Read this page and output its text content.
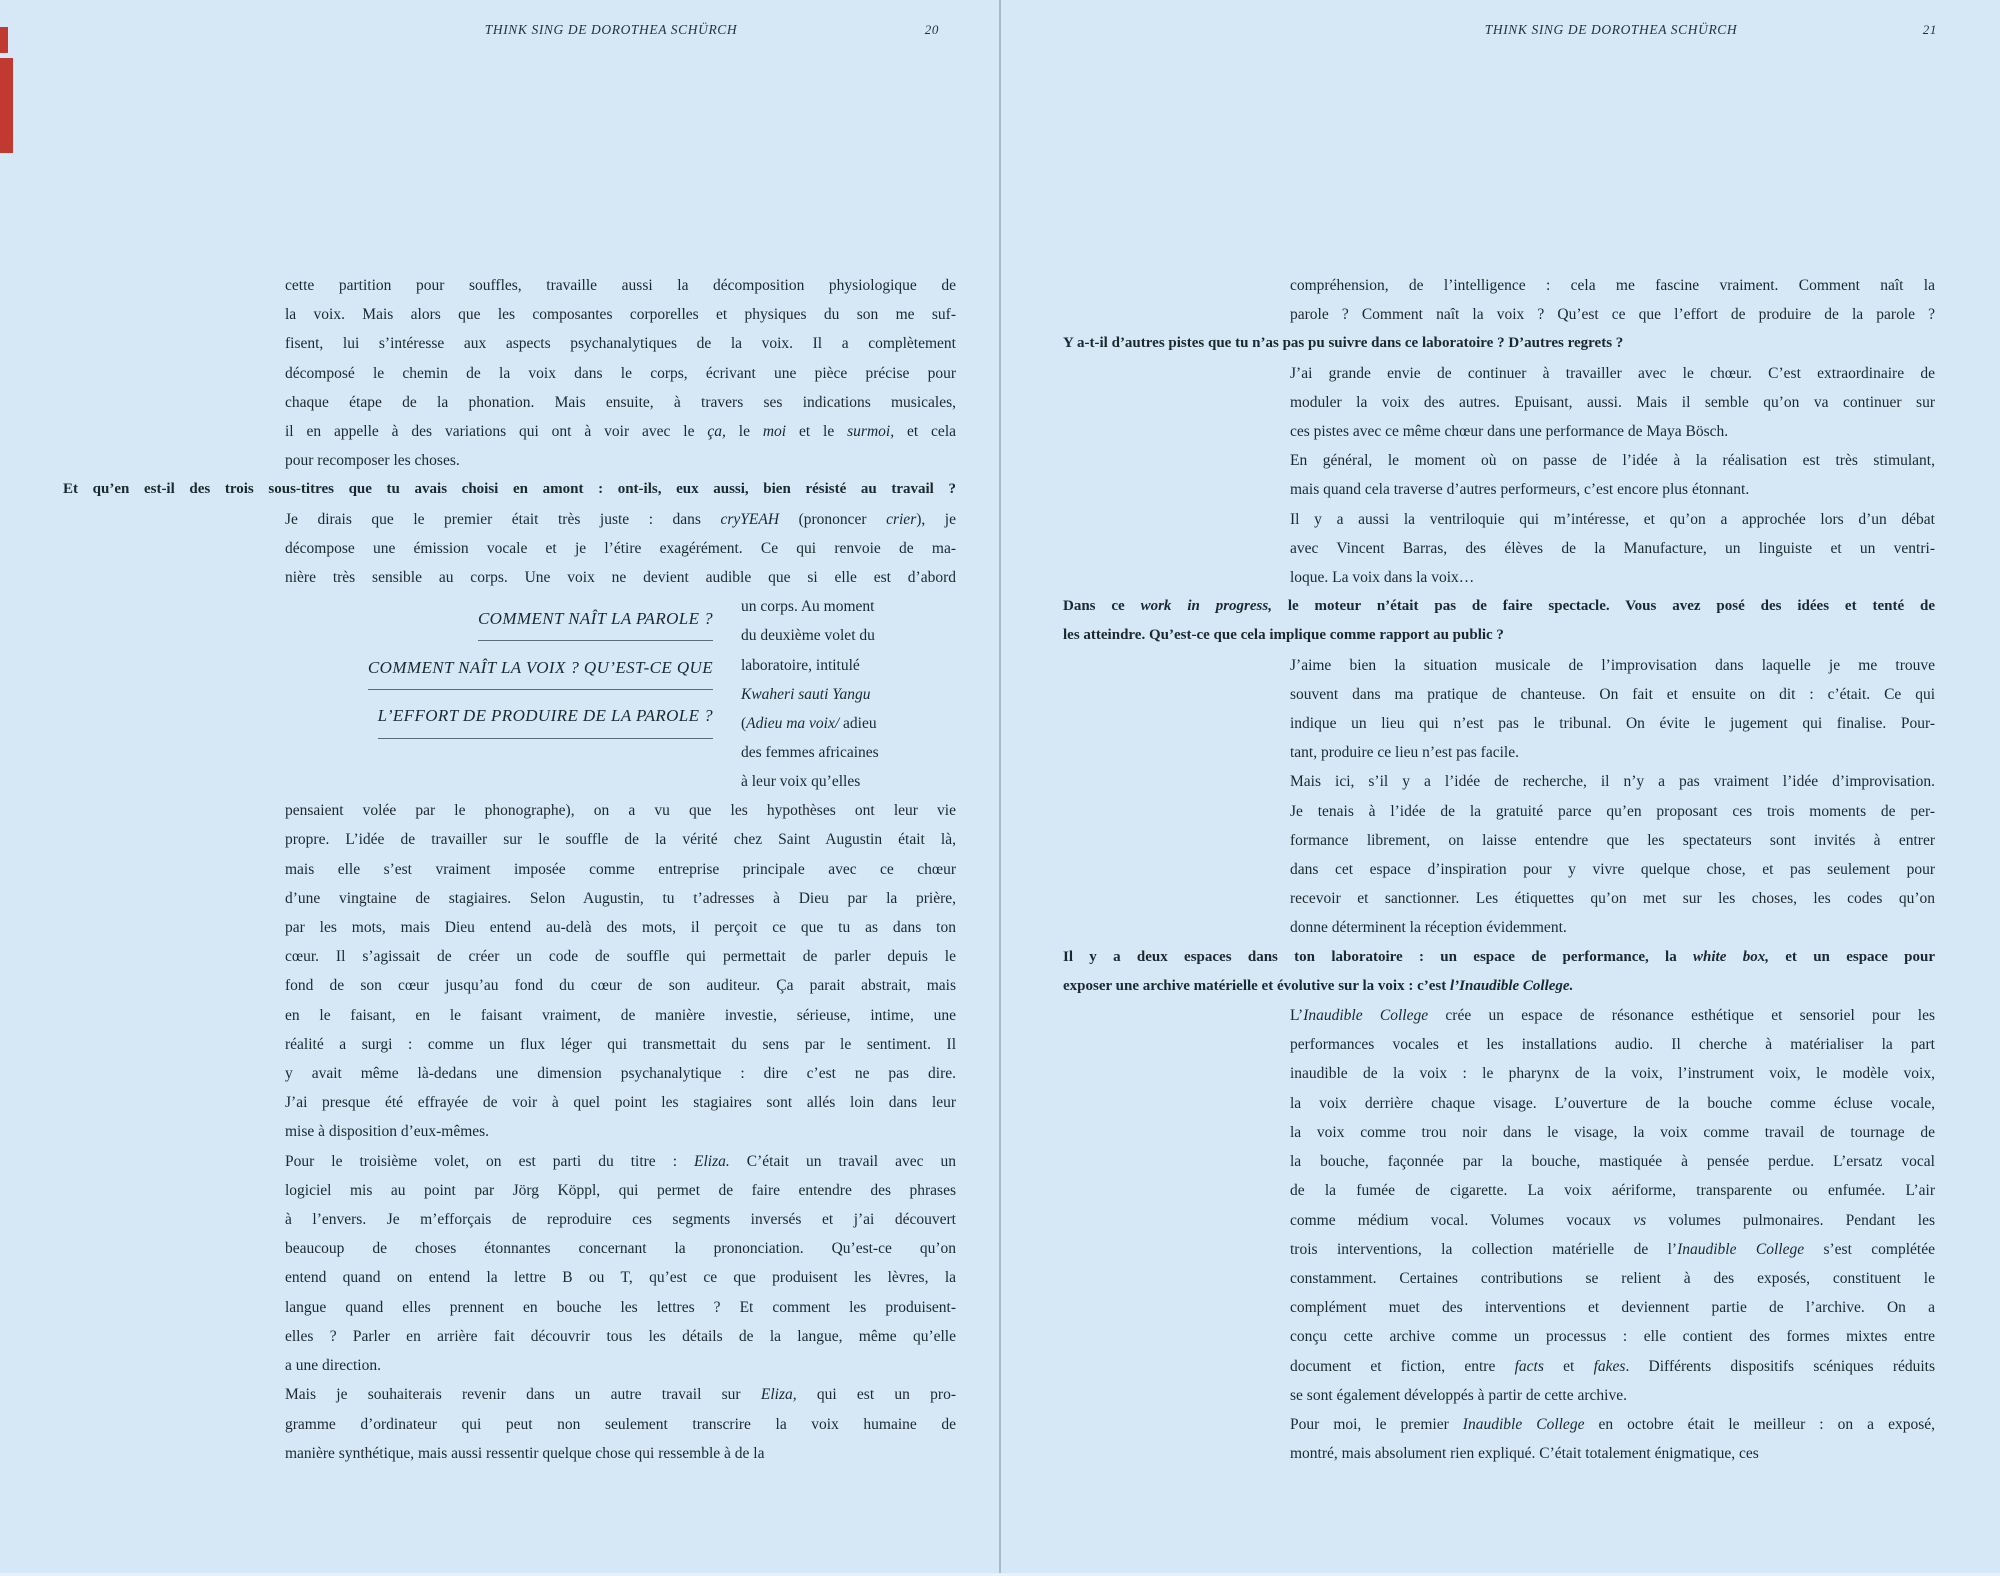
THINK SING DE DOROTHEA SCHÜRCH	20
cette partition pour souffles, travaille aussi la décomposition physiologique de
la voix. Mais alors que les composantes corporelles et physiques du son me suf-
fisent, lui s’intéresse aux aspects psychanalytiques de la voix. Il a complètement
décomposé le chemin de la voix dans le corps, écrivant une pièce précise pour
chaque étape de la phonation. Mais ensuite, à travers ses indications musicales,
il en appelle à des variations qui ont à voir avec le ça, le moi et le surmoi, et cela
pour recomposer les choses.
Et qu’en est-il des trois sous-titres que tu avais choisi en amont : ont-ils, eux aussi, bien résisté au travail ?
Je dirais que le premier était très juste : dans cryYEAH (prononcer crier), je
décompose une émission vocale et je l’étire exagérément. Ce qui renvoie de ma-
nière très sensible au corps. Une voix ne devient audible que si elle est d’abord
COMMENT NAÎT LA PAROLE ?
COMMENT NAÎT LA VOIX ? QU’EST-CE QUE
L’EFFORT DE PRODUIRE DE LA PAROLE ?
un corps. Au moment
du deuxième volet du
laboratoire, intitulé
Kwaheri sauti Yangu
(Adieu ma voix/ adieu
des femmes africaines
à leur voix qu’elles
pensaient volée par le phonographe), on a vu que les hypothèses ont leur vie
propre. L’idée de travailler sur le souffle de la vérité chez Saint Augustin était là,
mais elle s’est vraiment imposée comme entreprise principale avec ce chœur
d’une vingtaine de stagiaires. Selon Augustin, tu t’adresses à Dieu par la prière,
par les mots, mais Dieu entend au-delà des mots, il perçoit ce que tu as dans ton
cœur. Il s’agissait de créer un code de souffle qui permettait de parler depuis le
fond de son cœur jusqu’au fond du cœur de son auditeur. Ça parait abstrait, mais
en le faisant, en le faisant vraiment, de manière investie, sérieuse, intime, une
réalité a surgi : comme un flux léger qui transmettait du sens par le sentiment. Il
y avait même là-dedans une dimension psychanalytique : dire c’est ne pas dire.
J’ai presque été effrayée de voir à quel point les stagiaires sont allés loin dans leur
mise à disposition d’eux-mêmes.
Pour le troisième volet, on est parti du titre : Eliza. C’était un travail avec un
logiciel mis au point par Jörg Köppl, qui permet de faire entendre des phrases
à l’envers. Je m’efforçais de reproduire ces segments inversés et j’ai découvert
beaucoup de choses étonnantes concernant la prononciation. Qu’est-ce qu’on
entend quand on entend la lettre B ou T, qu’est ce que produisent les lèvres, la
langue quand elles prennent en bouche les lettres ? Et comment les produisent-
elles ? Parler en arrière fait découvrir tous les détails de la langue, même qu’elle
a une direction.
Mais je souhaiterais revenir dans un autre travail sur Eliza, qui est un pro-
gramme d’ordinateur qui peut non seulement transcrire la voix humaine de
manière synthétique, mais aussi ressentir quelque chose qui ressemble à de la
THINK SING DE DOROTHEA SCHÜRCH	21
compréhension, de l’intelligence : cela me fascine vraiment. Comment naît la
parole ? Comment naît la voix ? Qu’est ce que l’effort de produire de la parole ?
Y a-t-il d’autres pistes que tu n’as pas pu suivre dans ce laboratoire ? D’autres regrets ?
J’ai grande envie de continuer à travailler avec le chœur. C’est extraordinaire de
moduler la voix des autres. Epuisant, aussi. Mais il semble qu’on va continuer sur
ces pistes avec ce même chœur dans une performance de Maya Bösch.
En général, le moment où on passe de l’idée à la réalisation est très stimulant,
mais quand cela traverse d’autres performeurs, c’est encore plus étonnant.
Il y a aussi la ventriloquie qui m’intéresse, et qu’on a approchée lors d’un débat
avec Vincent Barras, des élèves de la Manufacture, un linguiste et un ventri-
loque. La voix dans la voix…
Dans ce work in progress, le moteur n’était pas de faire spectacle. Vous avez posé des idées et tenté de
les atteindre. Qu’est-ce que cela implique comme rapport au public ?
J’aime bien la situation musicale de l’improvisation dans laquelle je me trouve
souvent dans ma pratique de chanteuse. On fait et ensuite on dit : c’était. Ce qui
indique un lieu qui n’est pas le tribunal. On évite le jugement qui finalise. Pour-
tant, produire ce lieu n’est pas facile.
Mais ici, s’il y a l’idée de recherche, il n’y a pas vraiment l’idée d’improvisation.
Je tenais à l’idée de la gratuité parce qu’en proposant ces trois moments de per-
formance librement, on laisse entendre que les spectateurs sont invités à entrer
dans cet espace d’inspiration pour y vivre quelque chose, et pas seulement pour
recevoir et sanctionner. Les étiquettes qu’on met sur les choses, les codes qu’on
donne déterminent la réception évidemment.
Il y a deux espaces dans ton laboratoire : un espace de performance, la white box, et un espace pour
exposer une archive matérielle et évolutive sur la voix : c’est l’Inaudible College.
L’Inaudible College crée un espace de résonance esthétique et sensoriel pour les
performances vocales et les installations audio. Il cherche à matérialiser la part
inaudible de la voix : le pharynx de la voix, l’instrument voix, le modèle voix,
la voix derrière chaque visage. L’ouverture de la bouche comme écluse vocale,
la voix comme trou noir dans le visage, la voix comme travail de tournage de
la bouche, façonnée par la bouche, mastiquée à pensée perdue. L’ersatz vocal
de la fumée de cigarette. La voix aériforme, transparente ou enfumée. L’air
comme médium vocal. Volumes vocaux vs volumes pulmonaires. Pendant les
trois interventions, la collection matérielle de l’Inaudible College s’est complétée
constamment. Certaines contributions se relient à des exposés, constituent le
complément muet des interventions et deviennent partie de l’archive. On a
conçu cette archive comme un processus : elle contient des formes mixtes entre
document et fiction, entre facts et fakes. Différents dispositifs scéniques réduits
se sont également développés à partir de cette archive.
Pour moi, le premier Inaudible College en octobre était le meilleur : on a exposé,
montré, mais absolument rien expliqué. C’était totalement énigmatique, ces
